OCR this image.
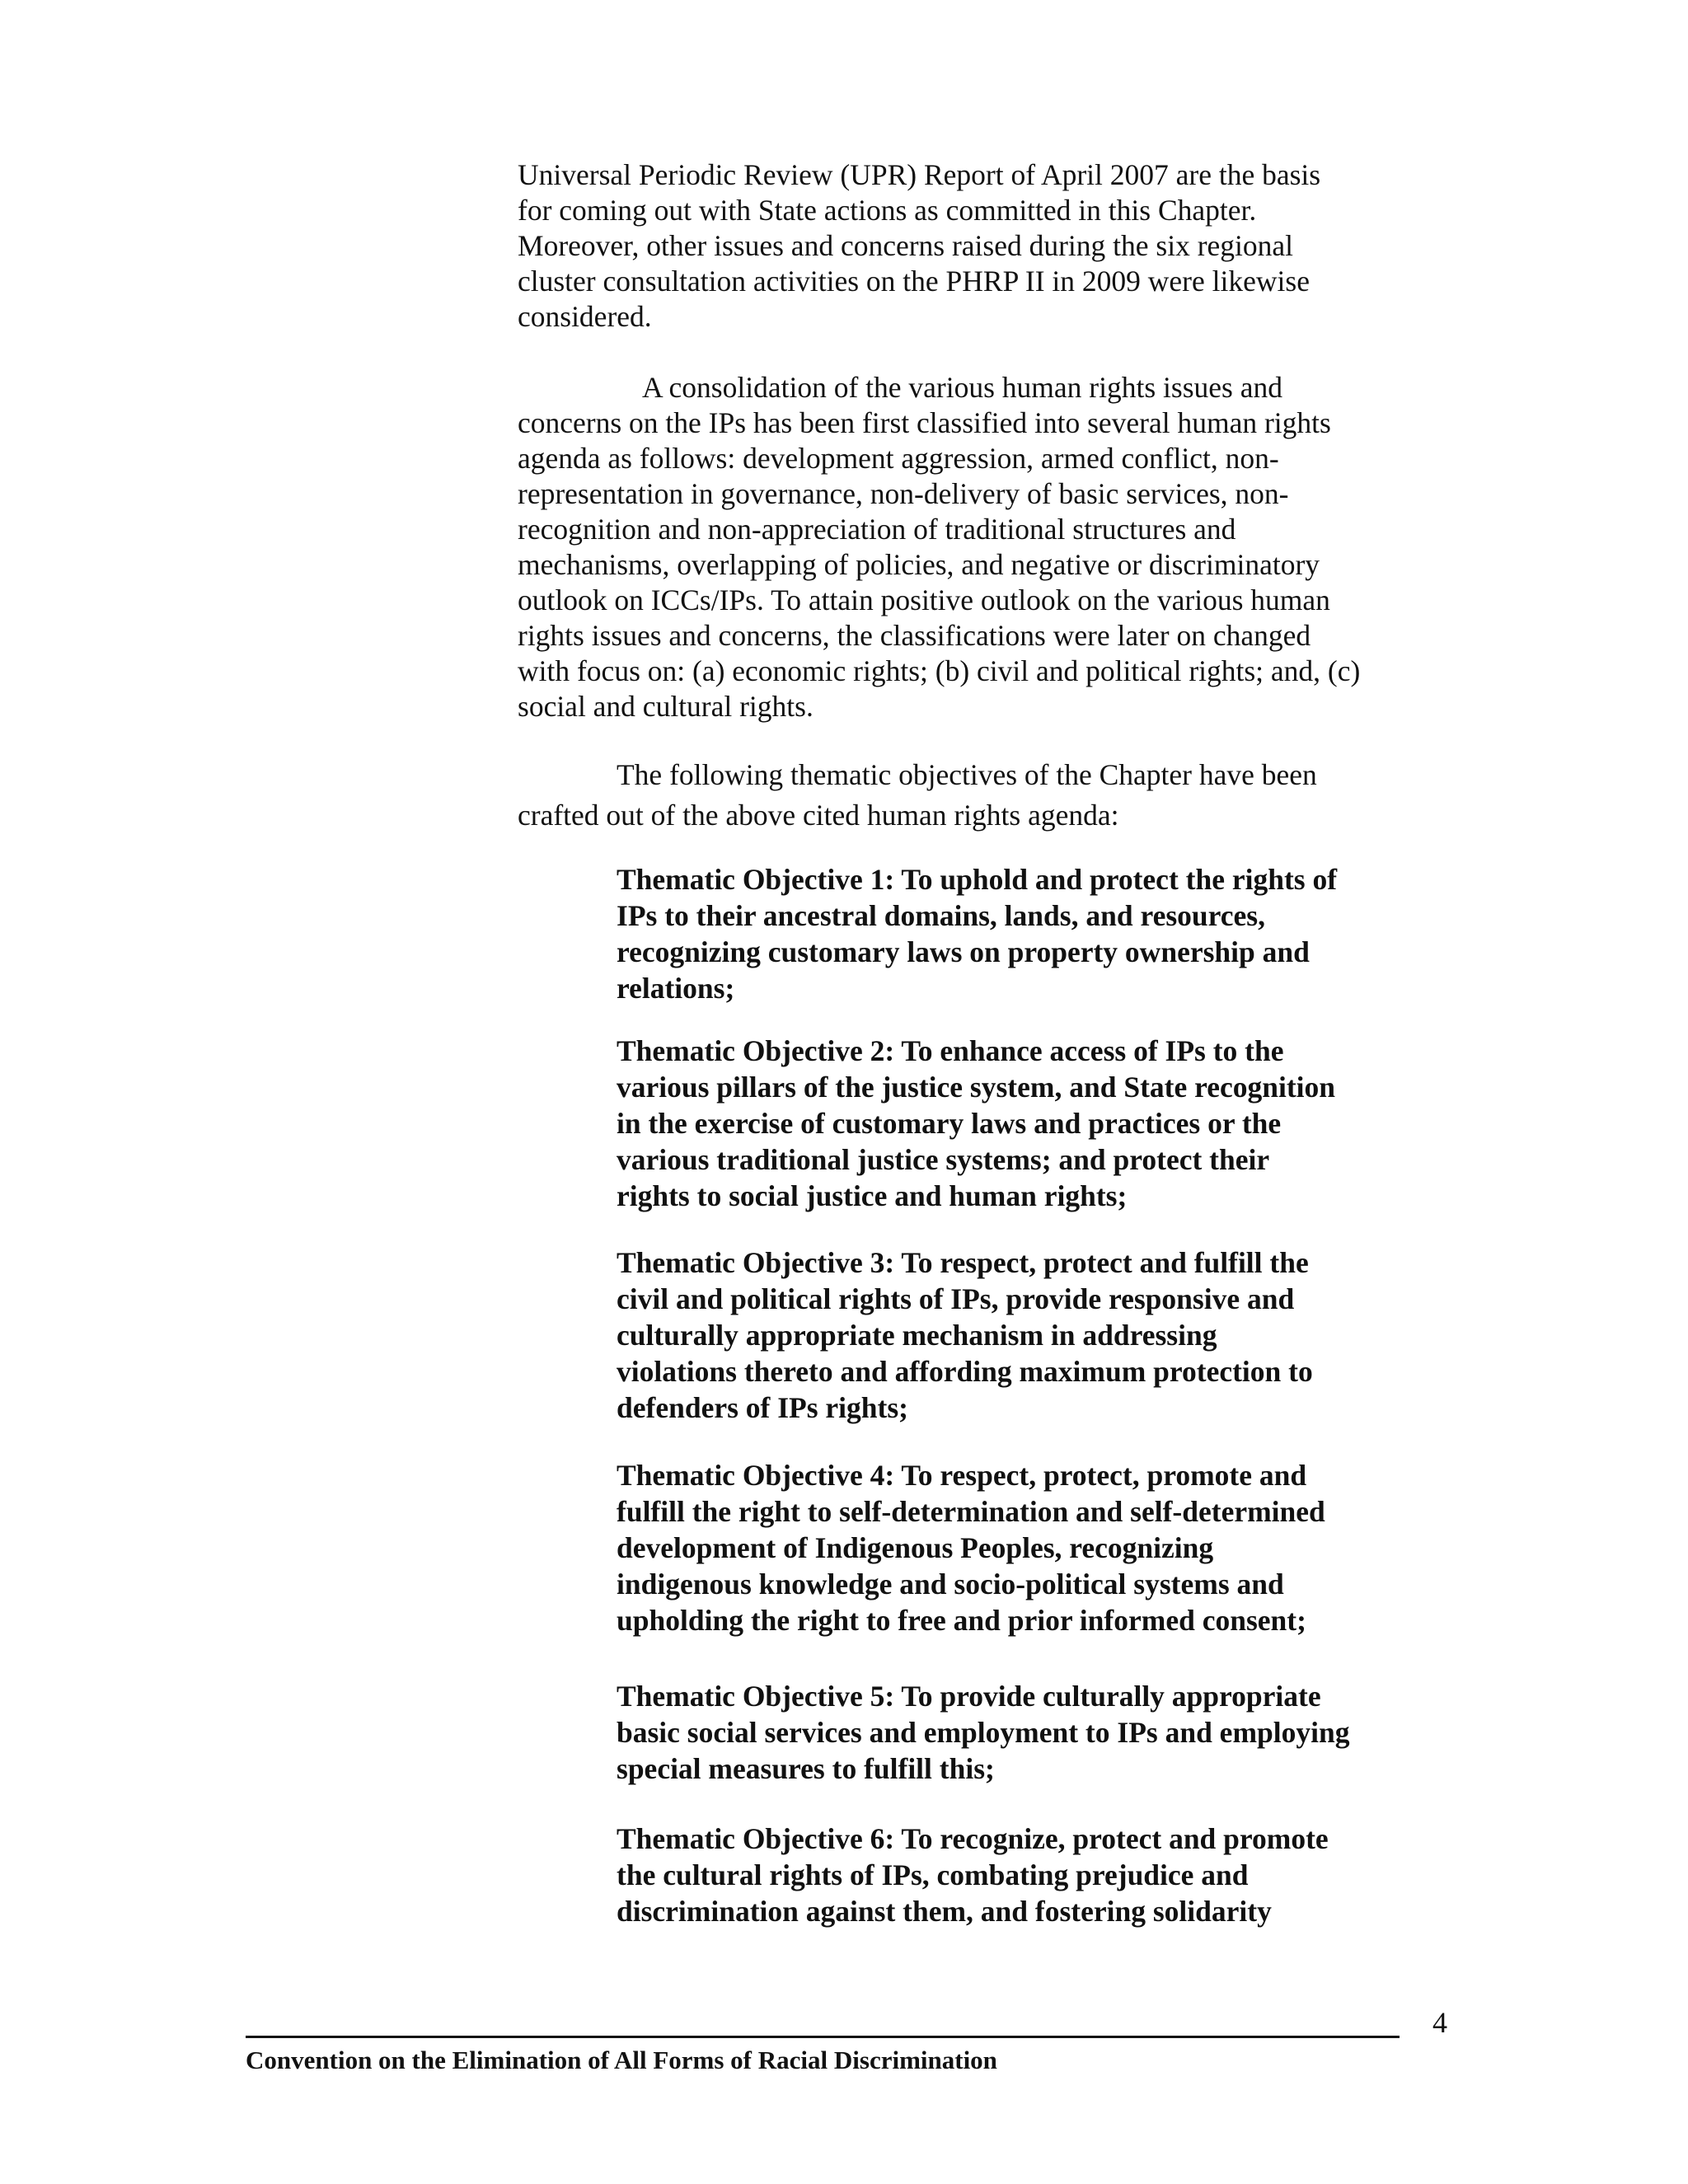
Universal Periodic Review (UPR) Report of April 2007 are the basis
for coming out with State actions as committed in this Chapter.
Moreover, other issues and concerns raised during the six regional
cluster consultation activities on the PHRP II in 2009 were likewise
considered.
A consolidation of the various human rights issues and
concerns on the IPs has been first classified into several human rights
agenda as follows: development aggression, armed conflict, non-
representation in governance, non-delivery of basic services, non-
recognition and non-appreciation of traditional structures and
mechanisms, overlapping of policies, and negative or discriminatory
outlook on ICCs/IPs. To attain positive outlook on the various human
rights issues and concerns, the classifications were later on changed
with focus on: (a) economic rights; (b) civil and political rights; and, (c)
social and cultural rights.
The following thematic objectives of the Chapter have been
crafted out of the above cited human rights agenda:
Thematic Objective 1: To uphold and protect the rights of
IPs to their ancestral domains, lands, and resources,
recognizing customary laws on property ownership and
relations;
Thematic Objective 2: To enhance access of IPs to the
various pillars of the justice system, and State recognition
in the exercise of customary laws and practices or the
various traditional justice systems; and protect their
rights to social justice and human rights;
Thematic Objective 3: To respect, protect and fulfill the
civil and political rights of IPs, provide responsive and
culturally appropriate mechanism in addressing
violations thereto and affording maximum protection to
defenders of IPs rights;
Thematic Objective 4: To respect, protect, promote and
fulfill the right to self-determination and self-determined
development of Indigenous Peoples, recognizing
indigenous knowledge and socio-political systems and
upholding the right to free and prior informed consent;
Thematic Objective 5: To provide culturally appropriate
basic social services and employment to IPs and employing
special measures to fulfill this;
Thematic Objective 6: To recognize, protect and promote
the cultural rights of IPs, combating prejudice and
discrimination against them, and fostering solidarity
4
Convention on the Elimination of All Forms of Racial Discrimination
